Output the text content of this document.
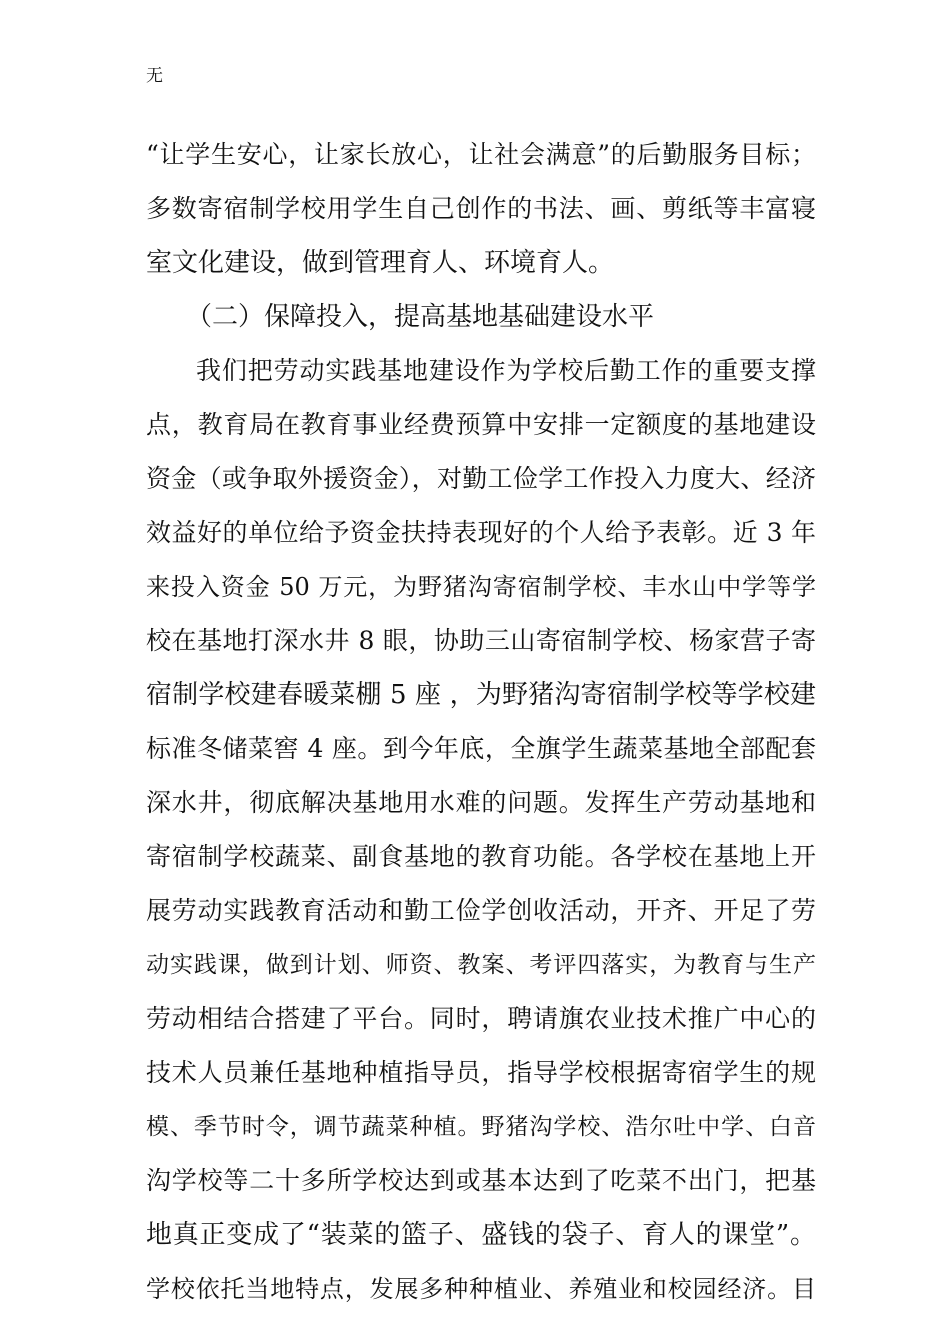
无
“让学生安心，让家长放心，让社会满意”的后勤服务目标；
多数寄宿制学校用学生自己创作的书法、画、剪纸等丰富寝
室文化建设，做到管理育人、环境育人。
（二）保障投入，提高基地基础建设水平
我们把劳动实践基地建设作为学校后勤工作的重要支撑
点，教育局在教育事业经费预算中安排一定额度的基地建设
资金（或争取外援资金），对勤工俭学工作投入力度大、经济
效益好的单位给予资金扶持表现好的个人给予表彰。近 3 年
来投入资金 50 万元，为野猪沟寄宿制学校、丰水山中学等学
校在基地打深水井 8 眼，协助三山寄宿制学校、杨家营子寄
宿制学校建春暖菜棚 5 座 ，为野猪沟寄宿制学校等学校建
标准冬储菜窖 4 座。到今年底，全旗学生蔬菜基地全部配套
深水井，彻底解决基地用水难的问题。发挥生产劳动基地和
寄宿制学校蔬菜、副食基地的教育功能。各学校在基地上开
展劳动实践教育活动和勤工俭学创收活动，开齐、开足了劳
动实践课，做到计划、师资、教案、考评四落实，为教育与生产
劳动相结合搭建了平台。同时，聘请旗农业技术推广中心的
技术人员兼任基地种植指导员，指导学校根据寄宿学生的规
模、季节时令，调节蔬菜种植。野猪沟学校、浩尔吐中学、白音
沟学校等二十多所学校达到或基本达到了吃菜不出门，把基
地真正变成了“装菜的篮子、盛钱的袋子、育人的课堂”。
学校依托当地特点，发展多种种植业、养殖业和校园经济。目
